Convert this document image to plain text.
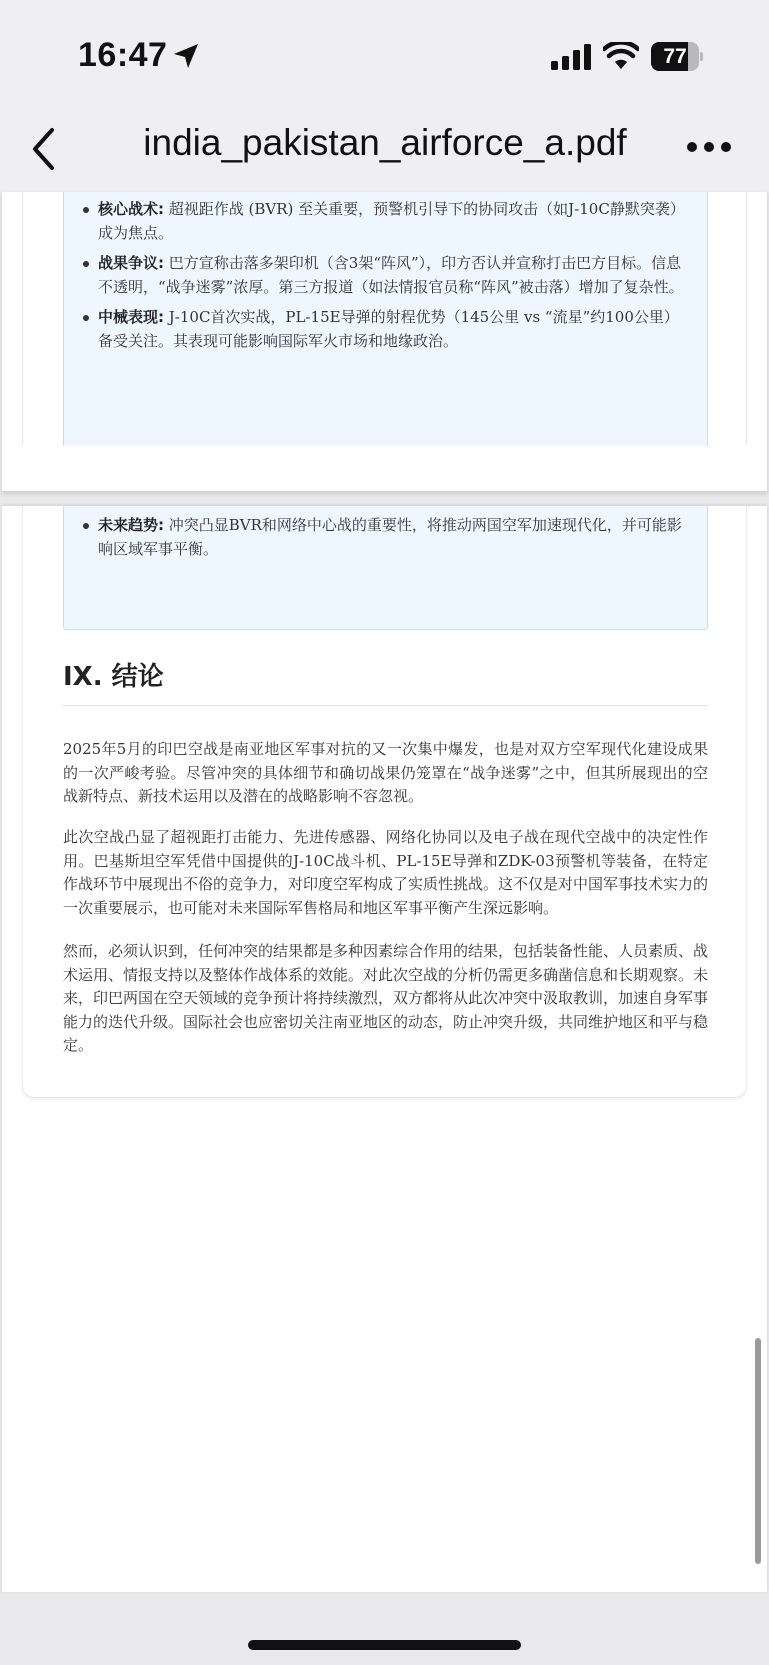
16:47	77
india_pakistan_airforce_a.pdf
核心战术: 超视距作战 (BVR) 至关重要，预警机引导下的协同攻击（如J-10C静默突袭）成为焦点。
战果争议: 巴方宣称击落多架印机（含3架“阵风”），印方否认并宣称打击巴方目标。信息不透明，“战争迷雾”浓厚。第三方报道（如法情报官员称“阵风”被击落）增加了复杂性。
中械表现: J-10C首次实战，PL-15E导弹的射程优势（145公里 vs “流星”约100公里）备受关注。其表现可能影响国际军火市场和地缘政治。
未来趋势: 冲突凸显BVR和网络中心战的重要性，将推动两国空军加速现代化，并可能影响区域军事平衡。
IX. 结论

2025年5月的印巴空战是南亚地区军事对抗的又一次集中爆发，也是对双方空军现代化建设成果的一次严峻考验。尽管冲突的具体细节和确切战果仍笼罩在“战争迷雾”之中，但其所展现出的空战新特点、新技术运用以及潜在的战略影响不容忽视。

此次空战凸显了超视距打击能力、先进传感器、网络化协同以及电子战在现代空战中的决定性作用。巴基斯坦空军凭借中国提供的J-10C战斗机、PL-15E导弹和ZDK-03预警机等装备，在特定作战环节中展现出不俗的竞争力，对印度空军构成了实质性挑战。这不仅是对中国军事技术实力的一次重要展示，也可能对未来国际军售格局和地区军事平衡产生深远影响。

然而，必须认识到，任何冲突的结果都是多种因素综合作用的结果，包括装备性能、人员素质、战术运用、情报支持以及整体作战体系的效能。对此次空战的分析仍需更多确凿信息和长期观察。未来，印巴两国在空天领域的竞争预计将持续激烈，双方都将从此次冲突中汲取教训，加速自身军事能力的迭代升级。国际社会也应密切关注南亚地区的动态，防止冲突升级，共同维护地区和平与稳定。
